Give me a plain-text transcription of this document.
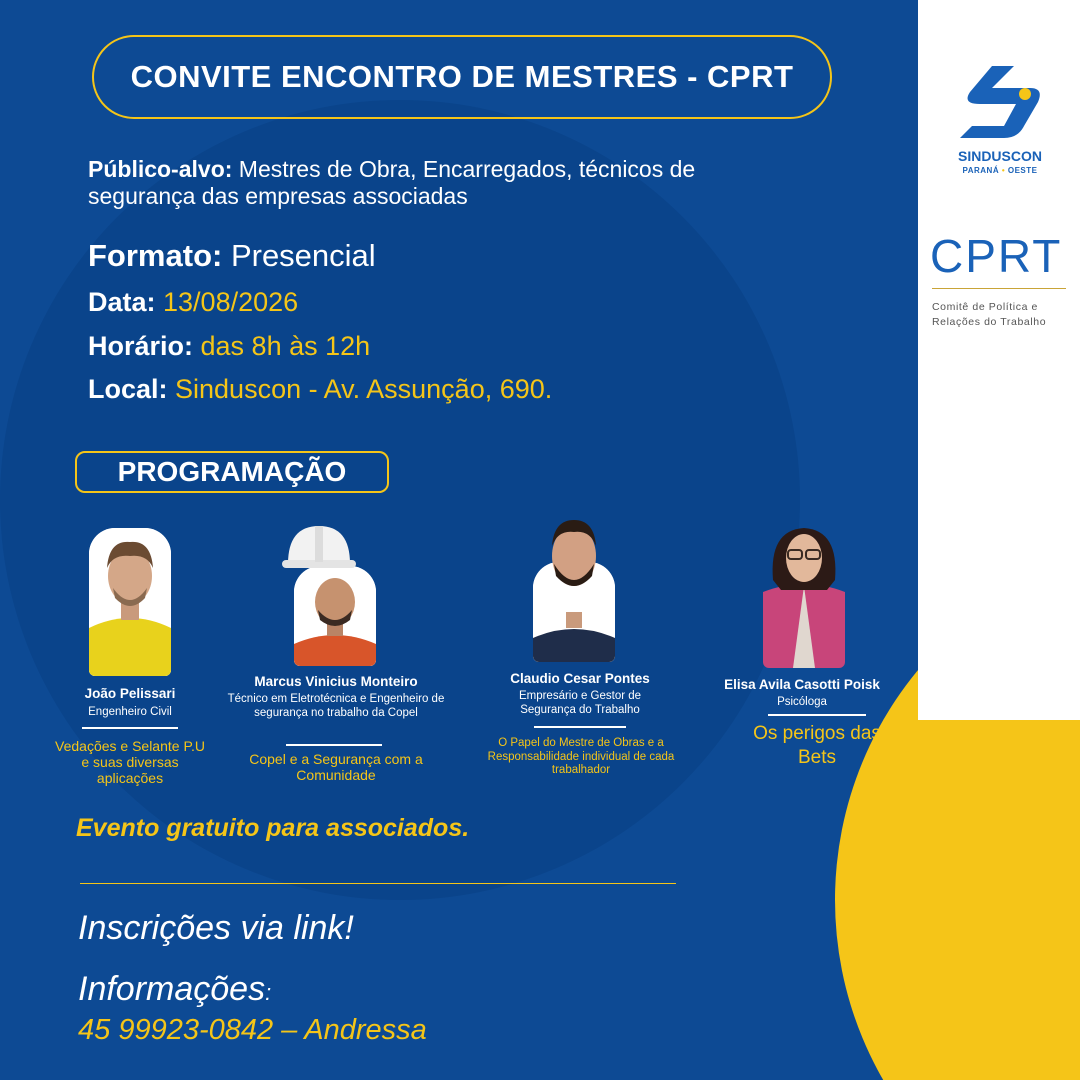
SINDUSCON
PARANÁ • OESTE
CPRT
Comitê de Política e Relações do Trabalho
CONVITE ENCONTRO DE MESTRES - CPRT
Público-alvo: Mestres de Obra, Encarregados, técnicos de segurança das empresas associadas
Formato: Presencial
Data: 13/08/2026
Horário: das 8h às 12h
Local: Sinduscon - Av. Assunção, 690.
PROGRAMAÇÃO
João Pelissari
Engenheiro Civil
Vedações e Selante P.U e suas diversas aplicações
Marcus Vinicius Monteiro
Técnico em Eletrotécnica e Engenheiro de segurança no trabalho da Copel
Copel e a Segurança com a Comunidade
Claudio Cesar Pontes
Empresário e Gestor de Segurança do Trabalho
O Papel do Mestre de Obras e a Responsabilidade individual de cada trabalhador
Elisa Avila Casotti Poisk
Psicóloga
Os perigos das Bets
Evento gratuito para associados.
Inscrições via link!
Informações:
45 99923-0842 – Andressa
